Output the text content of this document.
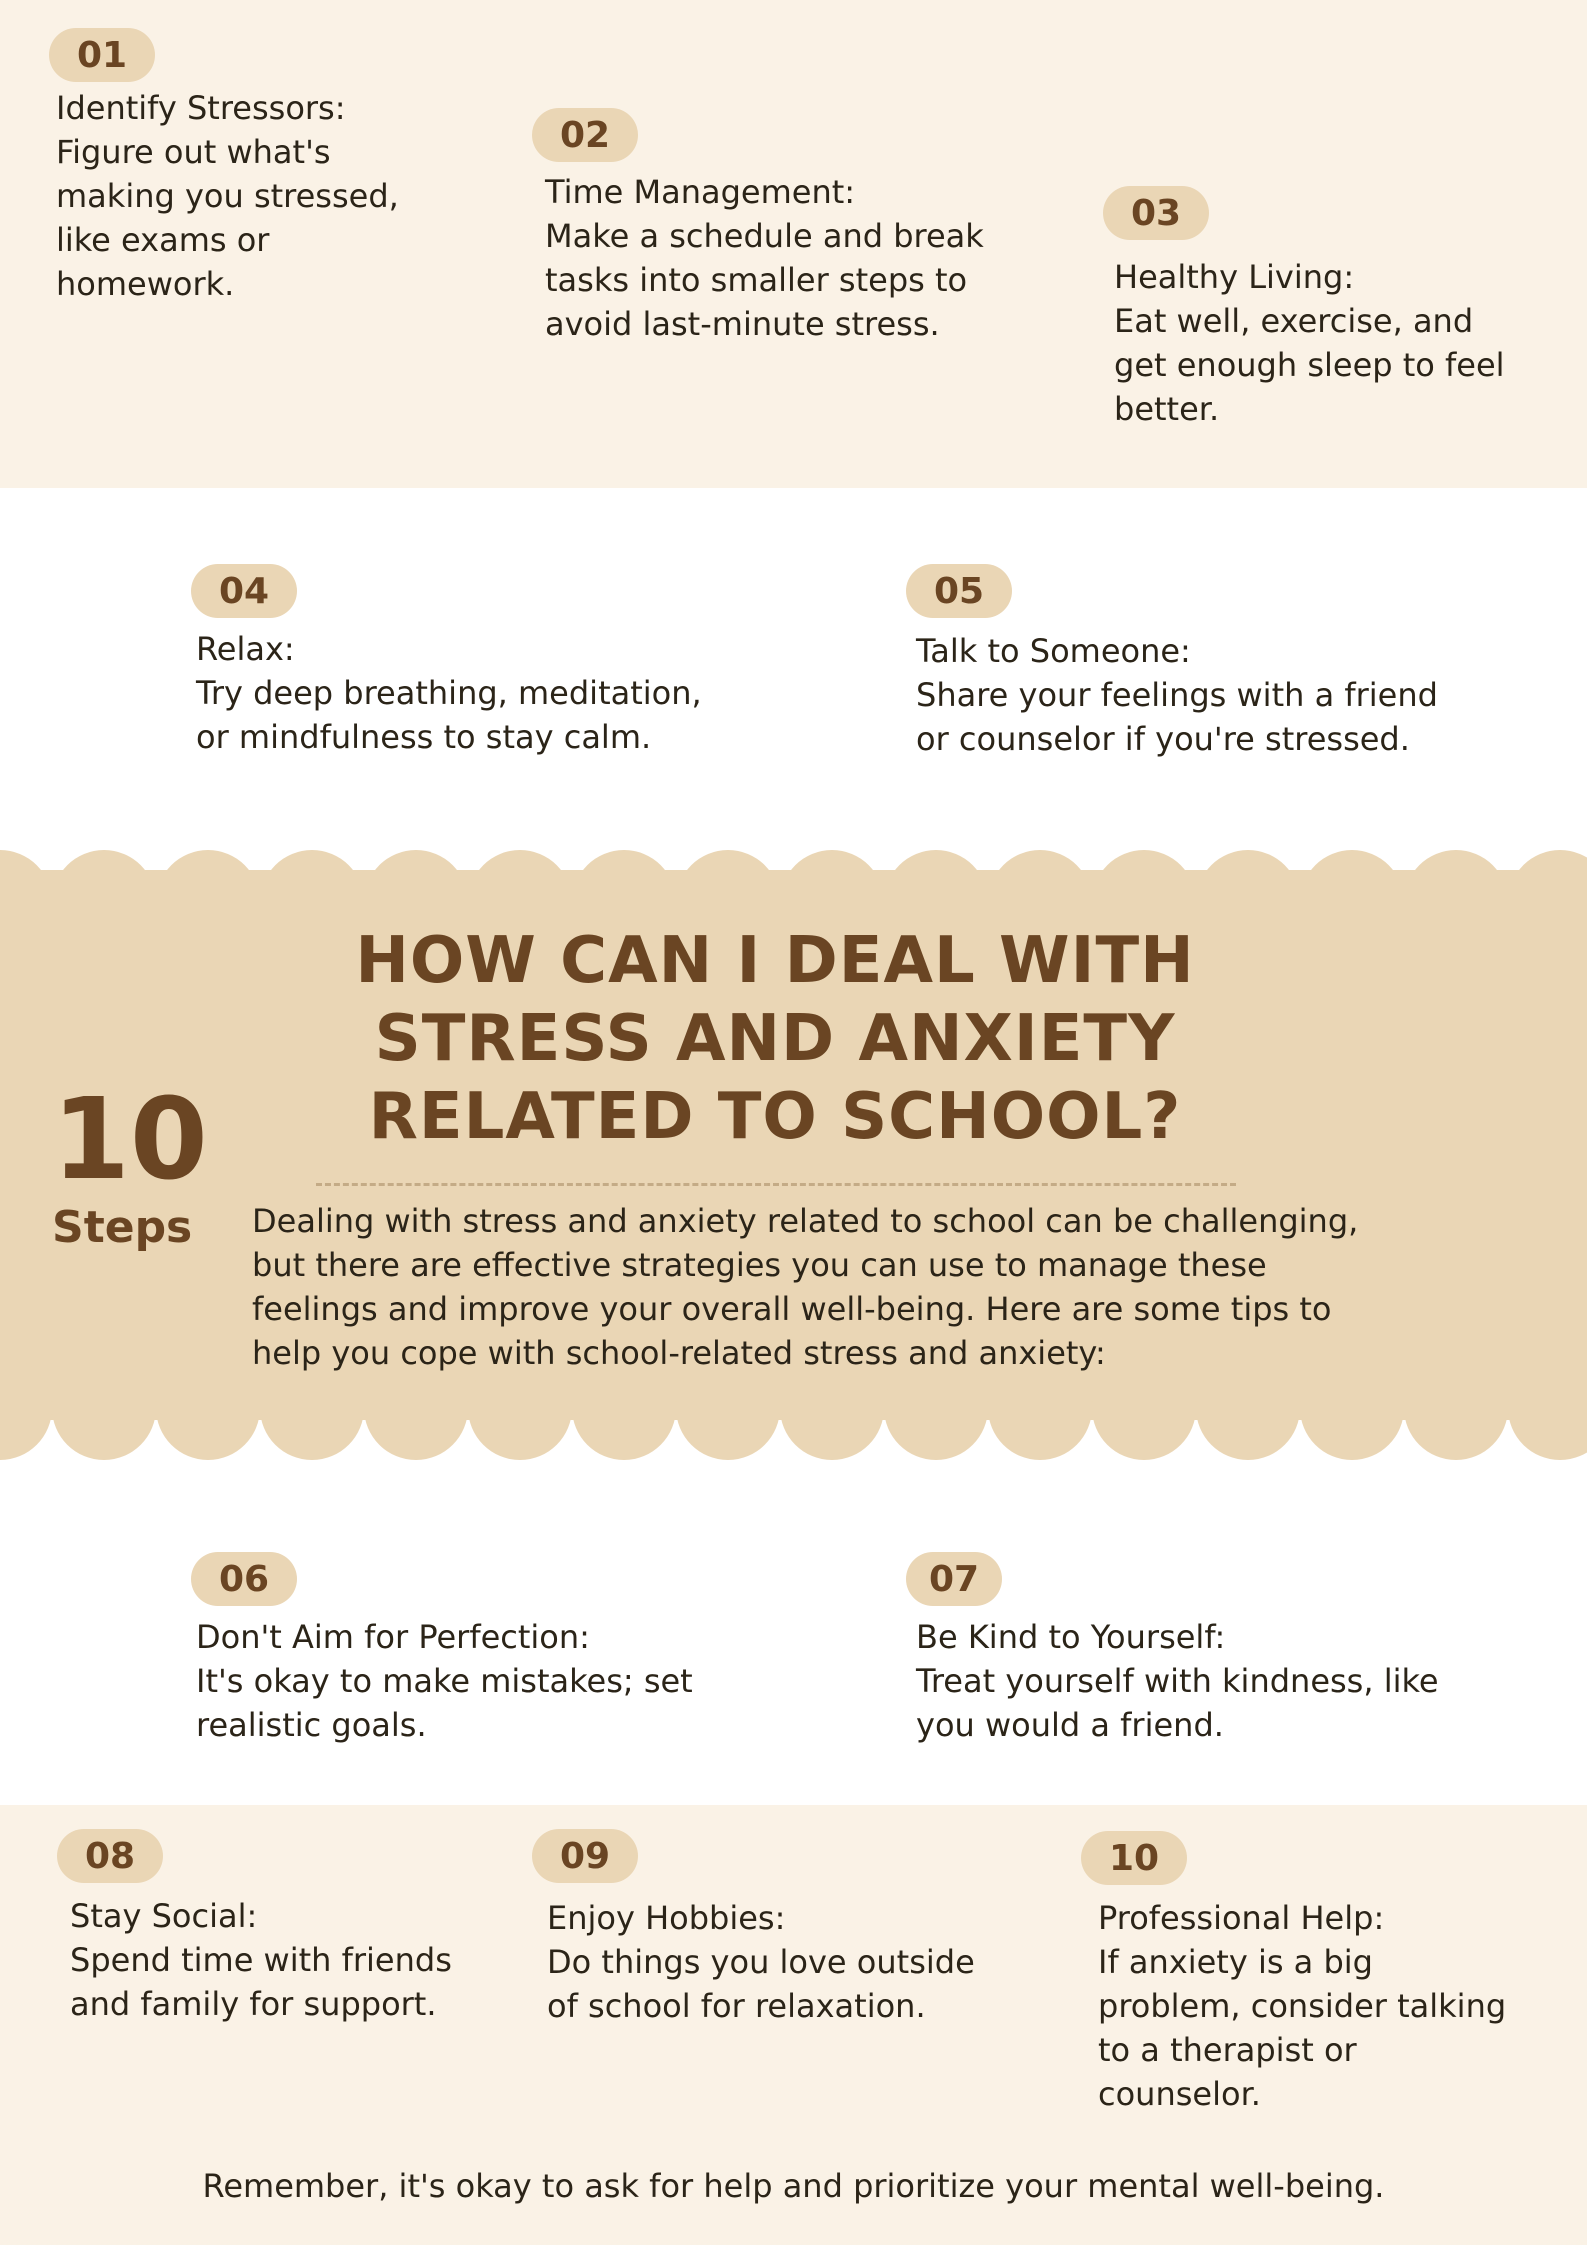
HOW CAN I DEAL WITH STRESS AND ANXIETY RELATED TO SCHOOL?
10
Steps Dealing with stress and anxiety related to school can be challenging, but there are effective strategies you can use to manage these feelings and improve your overall well-being. Here are some tips to help you cope with school-related stress and anxiety:
01
Identify Stressors:
Figure out what's making you stressed, like exams or homework.
02
Time Management:
Make a schedule and break tasks into smaller steps to avoid last-minute stress.
03
Healthy Living:
Eat well, exercise, and get enough sleep to feel better.
04
Relax:
Try deep breathing, meditation, or mindfulness to stay calm.
05
Talk to Someone:
Share your feelings with a friend or counselor if you're stressed.
06
Don't Aim for Perfection:
It's okay to make mistakes; set realistic goals.
07
Be Kind to Yourself:
Treat yourself with kindness, like you would a friend.
08
Stay Social:
Spend time with friends and family for support.
09
Enjoy Hobbies:
Do things you love outside of school for relaxation.
10
Professional Help:
If anxiety is a big problem, consider talking to a therapist or counselor.
Remember, it's okay to ask for help and prioritize your mental well-being.
